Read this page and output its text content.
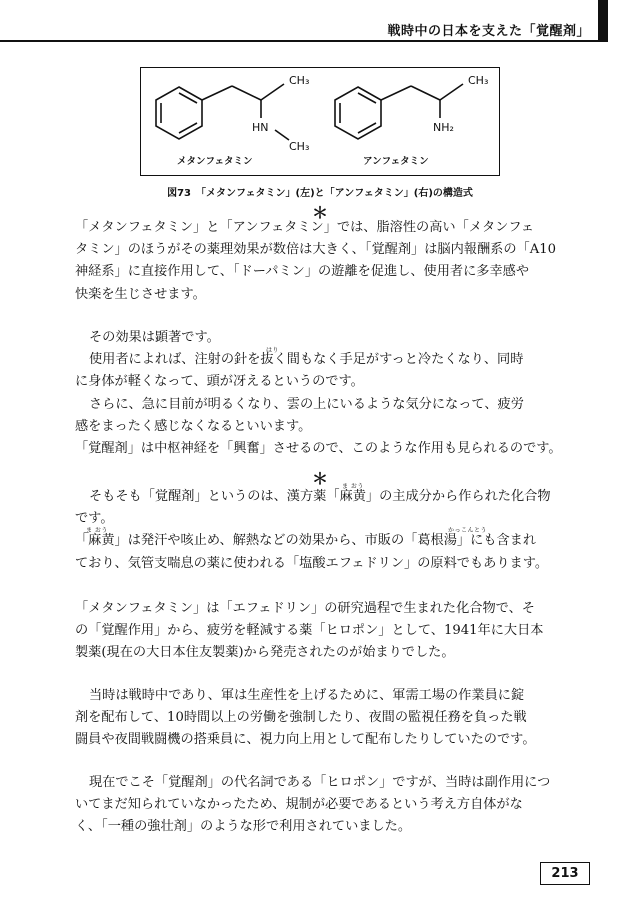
戦時中の日本を支えた「覚醒剤」
CH₃
HN
CH₃
メタンフェタミン
CH₃
NH₂
アンフェタミン
図73　「メタンフェタミン」(左)と「アンフェタミン」(右)の構造式
＊
「メタンフェタミン」と「アンフェタミン」では、脂溶性の高い「メタンフェ
タミン」のほうがその薬理効果が数倍は大きく、「覚醒剤」は脳内報酬系の「A10
神経系」に直接作用して、「ドーパミン」の遊離を促進し、使用者に多幸感や
快楽を生じさせます。
その効果は顕著です。
使用者によれば、注射の針を抜く間もなく手足がすっと冷たくなり、同時
に身体が軽くなって、頭が冴えるというのです。
さらに、急に目前が明るくなり、雲の上にいるような気分になって、疲労
感をまったく感じなくなるといいます。
「覚醒剤」は中枢神経を「興奮」させるので、このような作用も見られるのです。
はり
＊
そもそも「覚醒剤」というのは、漢方薬「麻黄」の主成分から作られた化合物
です。
「麻黄」は発汗や咳止め、解熱などの効果から、市販の「葛根湯」にも含まれ
ており、気管支喘息の薬に使われる「塩酸エフェドリン」の原料でもあります。
ま おう
ま おう	かっこんとう
「メタンフェタミン」は「エフェドリン」の研究過程で生まれた化合物で、そ
の「覚醒作用」から、疲労を軽減する薬「ヒロポン」として、1941年に大日本
製薬(現在の大日本住友製薬)から発売されたのが始まりでした。
当時は戦時中であり、軍は生産性を上げるために、軍需工場の作業員に錠
剤を配布して、10時間以上の労働を強制したり、夜間の監視任務を負った戦
闘員や夜間戦闘機の搭乗員に、視力向上用として配布したりしていたのです。
現在でこそ「覚醒剤」の代名詞である「ヒロポン」ですが、当時は副作用につ
いてまだ知られていなかったため、規制が必要であるという考え方自体がな
く、「一種の強壮剤」のような形で利用されていました。
213
